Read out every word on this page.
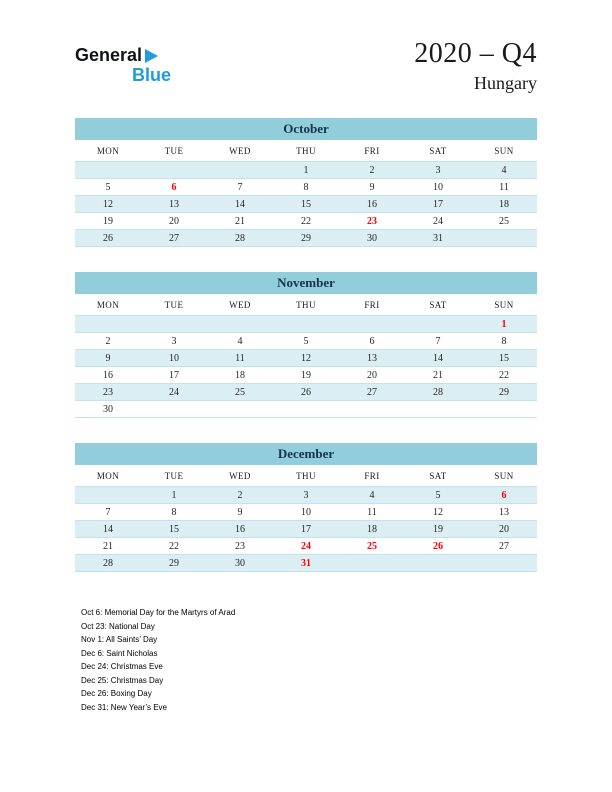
General
Blue
2020 – Q4
Hungary
October
MON	TUE	WED	THU	FRI	SAT	SUN
			1	2	3	4
5	6	7	8	9	10	11
12	13	14	15	16	17	18
19	20	21	22	23	24	25
26	27	28	29	30	31	
November
MON	TUE	WED	THU	FRI	SAT	SUN
						1
2	3	4	5	6	7	8
9	10	11	12	13	14	15
16	17	18	19	20	21	22
23	24	25	26	27	28	29
30						
December
MON	TUE	WED	THU	FRI	SAT	SUN
	1	2	3	4	5	6
7	8	9	10	11	12	13
14	15	16	17	18	19	20
21	22	23	24	25	26	27
28	29	30	31			
Oct 6: Memorial Day for the Martyrs of Arad
Oct 23: National Day
Nov 1: All Saints’ Day
Dec 6: Saint Nicholas
Dec 24: Christmas Eve
Dec 25: Christmas Day
Dec 26: Boxing Day
Dec 31: New Year’s Eve
